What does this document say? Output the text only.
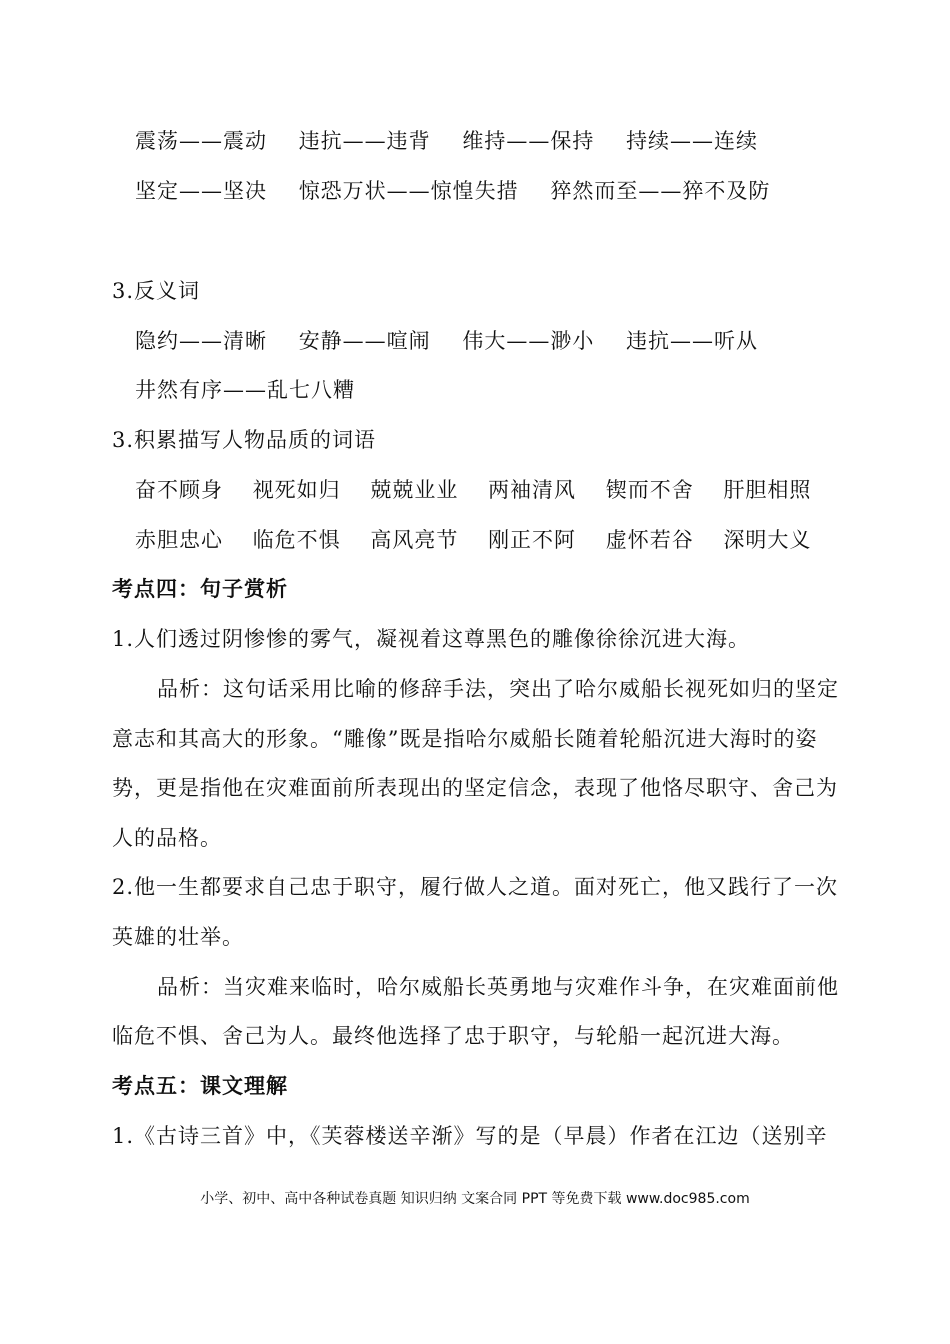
震荡——震动 违抗——违背 维持——保持 持续——连续
坚定——坚决 惊恐万状——惊惶失措 猝然而至——猝不及防
3.反义词
隐约——清晰 安静——喧闹 伟大——渺小 违抗——听从
井然有序——乱七八糟
3.积累描写人物品质的词语
奋不顾身 视死如归 兢兢业业 两袖清风 锲而不舍 肝胆相照
赤胆忠心 临危不惧 高风亮节 刚正不阿 虚怀若谷 深明大义
考点四：句子赏析
1.人们透过阴惨惨的雾气，凝视着这尊黑色的雕像徐徐沉进大海。
品析：这句话采用比喻的修辞手法，突出了哈尔威船长视死如归的坚定
意志和其高大的形象。“雕像”既是指哈尔威船长随着轮船沉进大海时的姿
势，更是指他在灾难面前所表现出的坚定信念，表现了他恪尽职守、舍己为
人的品格。
2.他一生都要求自己忠于职守，履行做人之道。面对死亡，他又践行了一次
英雄的壮举。
品析：当灾难来临时，哈尔威船长英勇地与灾难作斗争，在灾难面前他
临危不惧、舍己为人。最终他选择了忠于职守，与轮船一起沉进大海。
考点五：课文理解
1.《古诗三首》中，《芙蓉楼送辛渐》写的是（早晨）作者在江边（送别辛
小学、初中、高中各种试卷真题 知识归纳 文案合同 PPT 等免费下载 www.doc985.com
